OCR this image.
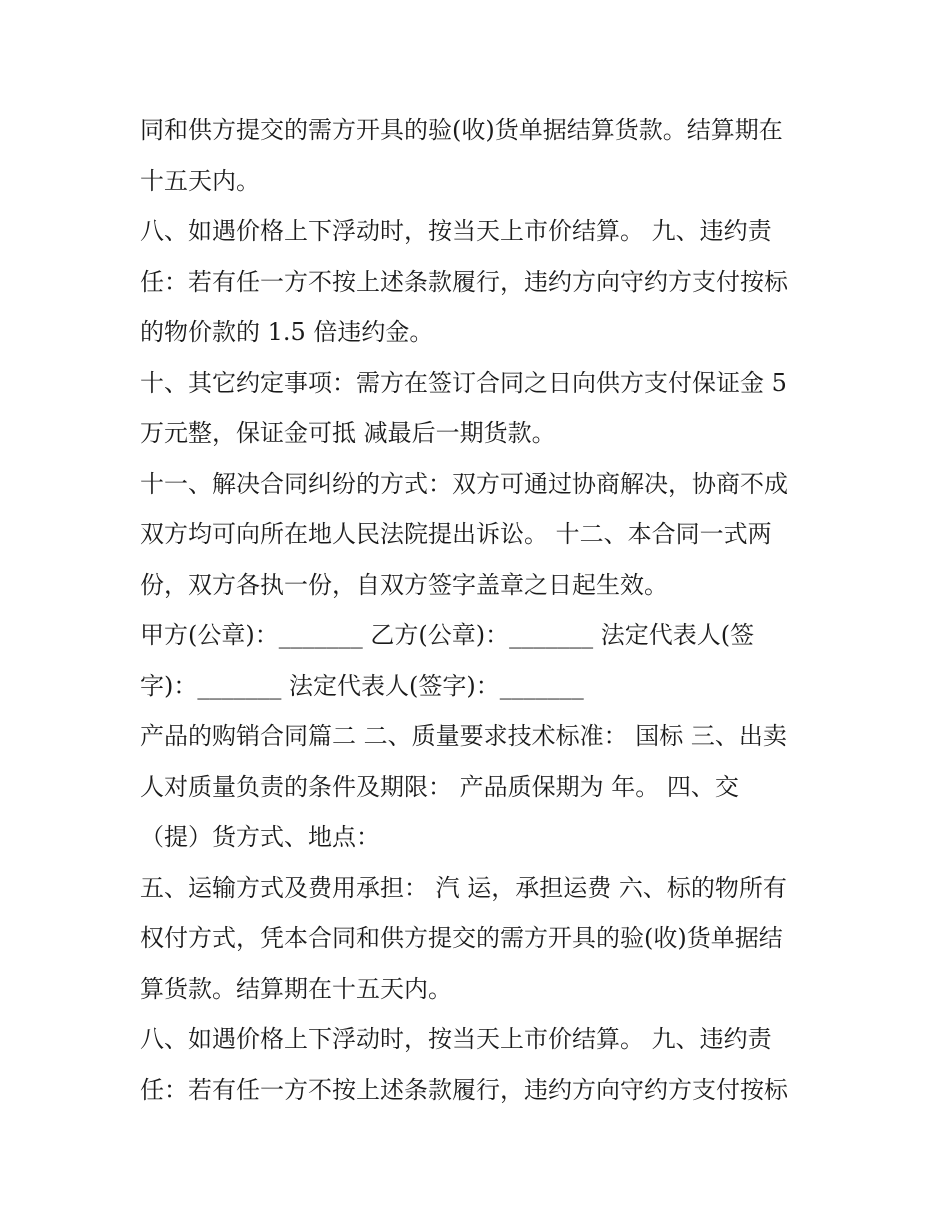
同和供方提交的需方开具的验(收)货单据结算货款。结算期在
十五天内。
八、如遇价格上下浮动时，按当天上市价结算。 九、违约责
任：若有任一方不按上述条款履行，违约方向守约方支付按标
的物价款的 1.5 倍违约金。
十、其它约定事项：需方在签订合同之日向供方支付保证金 5
万元整，保证金可抵 减最后一期货款。
十一、解决合同纠纷的方式：双方可通过协商解决，协商不成
双方均可向所在地人民法院提出诉讼。 十二、本合同一式两
份，双方各执一份，自双方签字盖章之日起生效。
甲方(公章)：_______ 乙方(公章)：_______ 法定代表人(签
字)：_______ 法定代表人(签字)：_______
产品的购销合同篇二 二、质量要求技术标准： 国标 三、出卖
人对质量负责的条件及期限： 产品质保期为 年。 四、交
（提）货方式、地点：
五、运输方式及费用承担： 汽 运，承担运费 六、标的物所有
权付方式，凭本合同和供方提交的需方开具的验(收)货单据结
算货款。结算期在十五天内。
八、如遇价格上下浮动时，按当天上市价结算。 九、违约责
任：若有任一方不按上述条款履行，违约方向守约方支付按标
